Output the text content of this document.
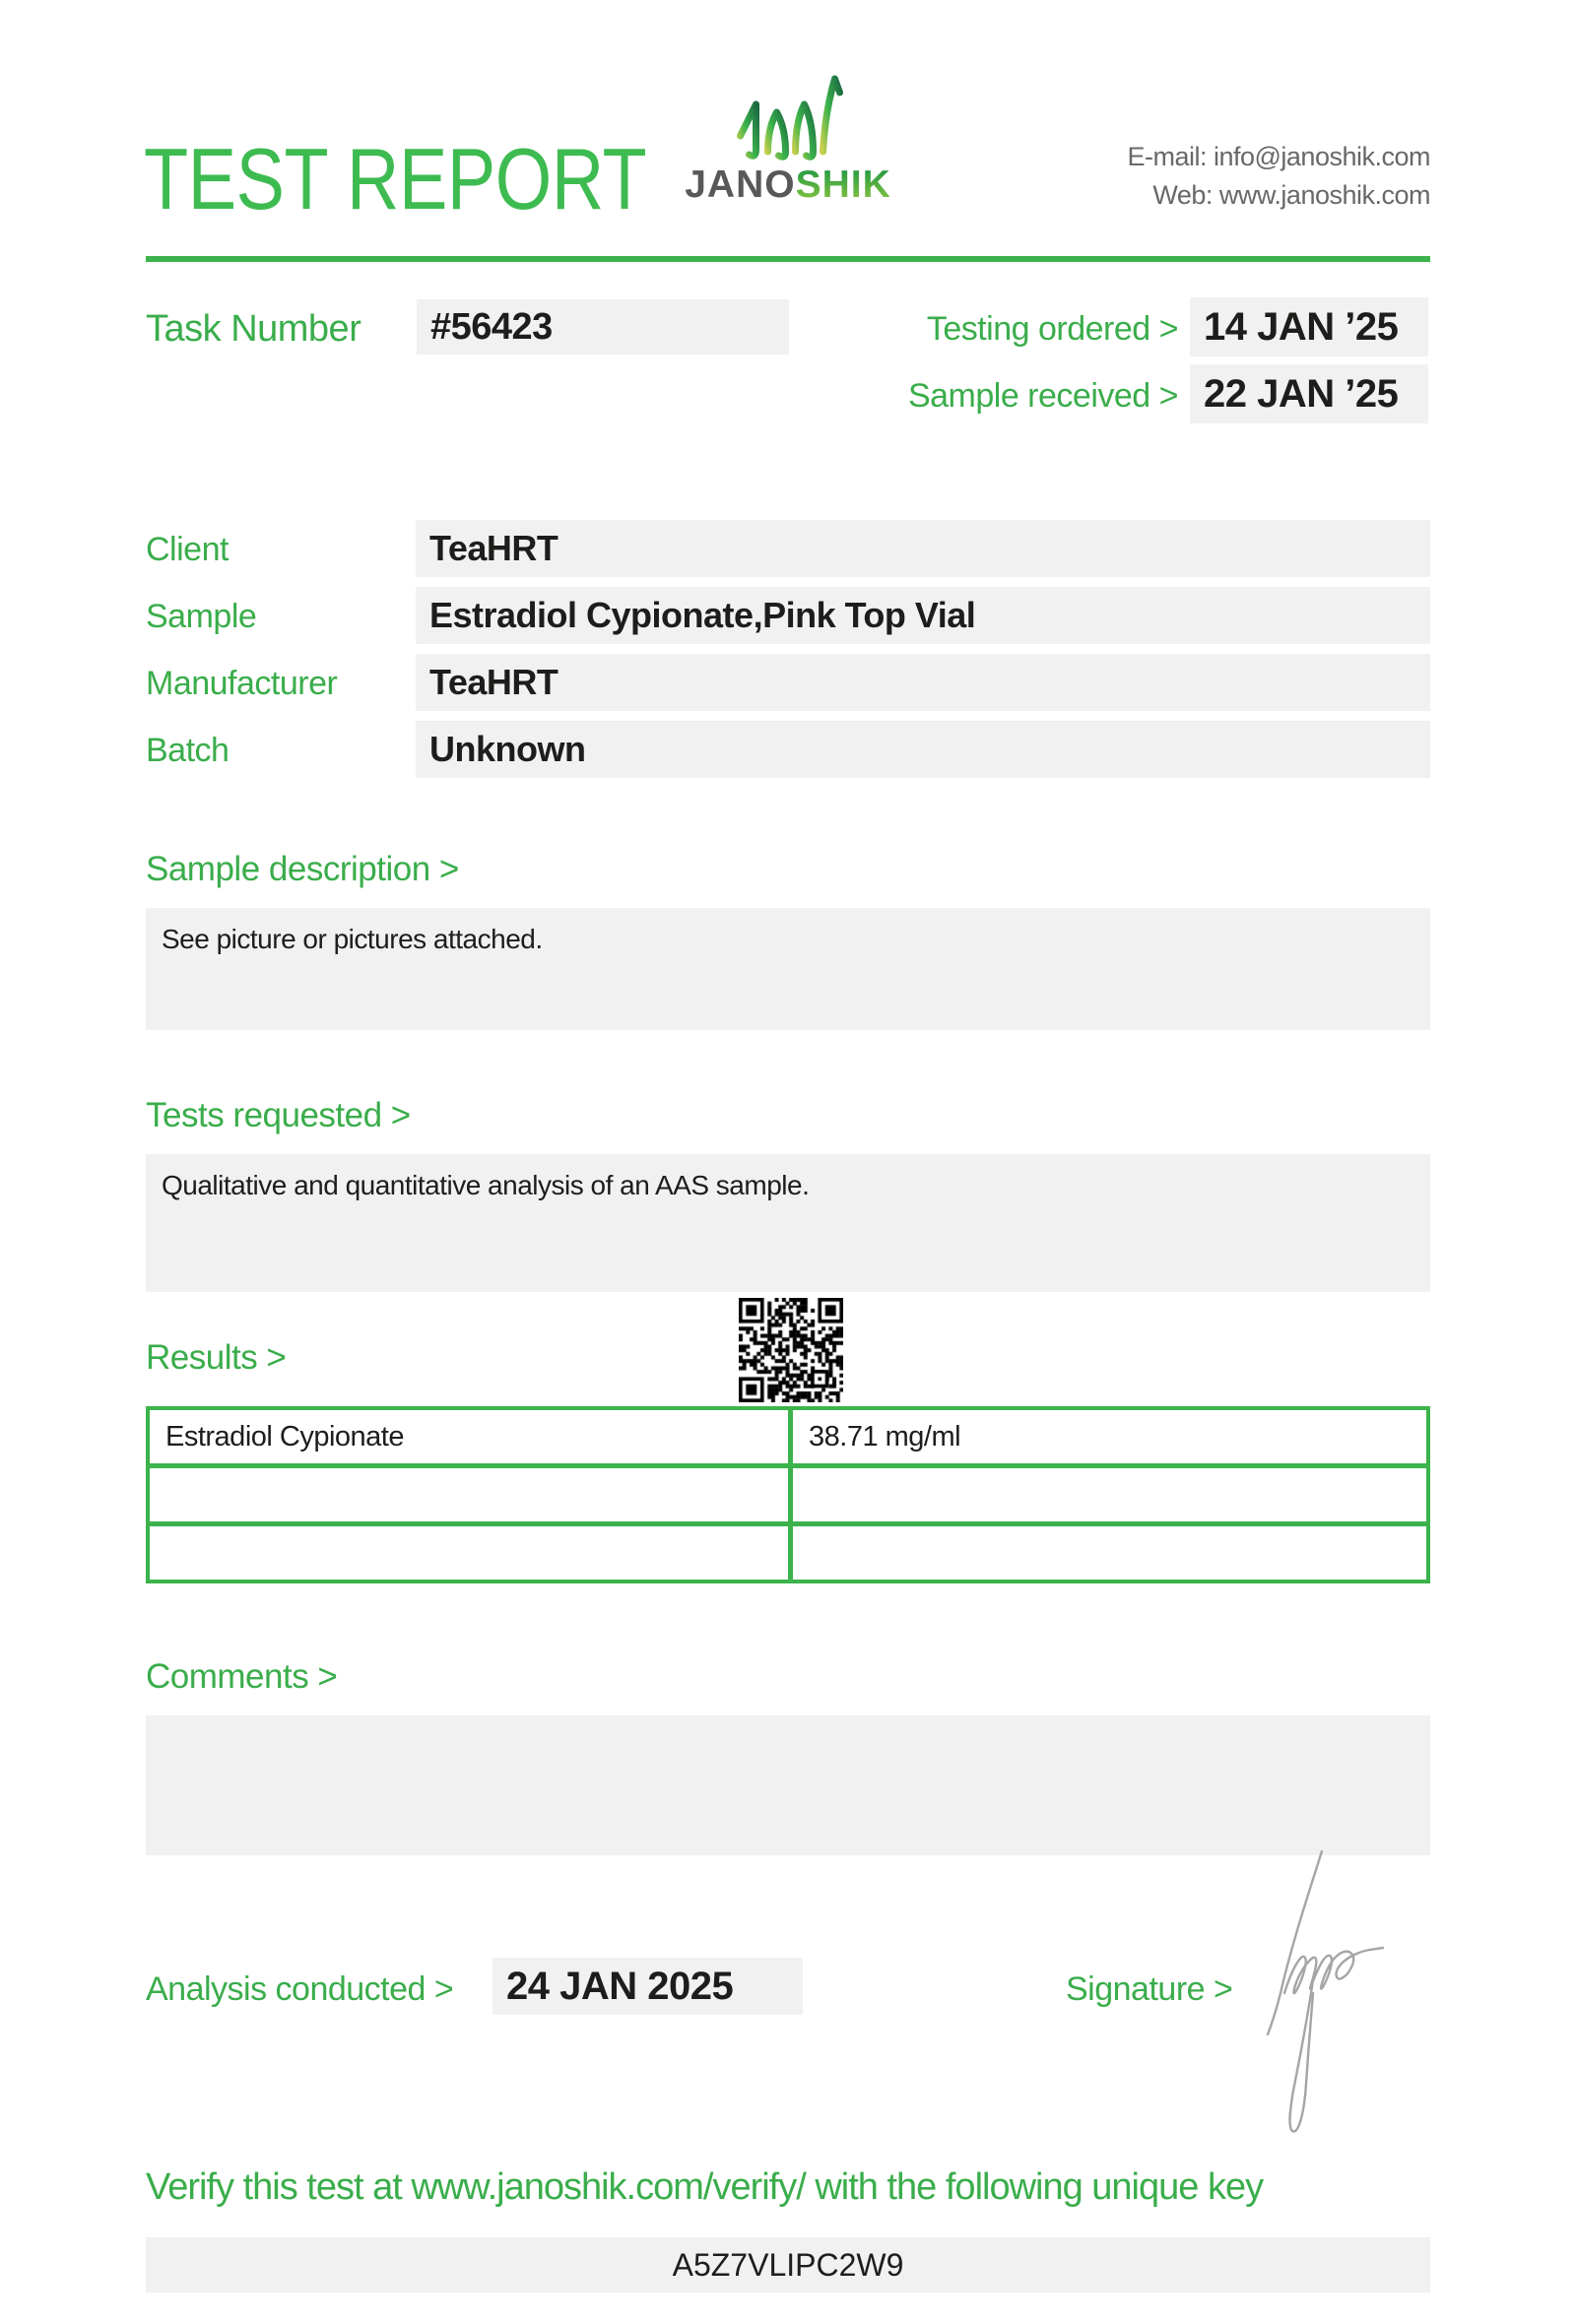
TEST REPORT	JANOSHIK
E-mail: info@janoshik.com
Web: www.janoshik.com
Task Number	#56423	Testing ordered > 14 JAN ’25
Sample received > 22 JAN ’25
Client	TeaHRT
Sample	Estradiol Cypionate,Pink Top Vial
Manufacturer	TeaHRT
Batch	Unknown
Sample description >
See picture or pictures attached.
Tests requested >
Qualitative and quantitative analysis of an AAS sample.
Results >
Estradiol Cypionate	38.71 mg/ml
Comments >
Analysis conducted >	24 JAN 2025	Signature >
Verify this test at www.janoshik.com/verify/ with the following unique key
A5Z7VLIPC2W9
